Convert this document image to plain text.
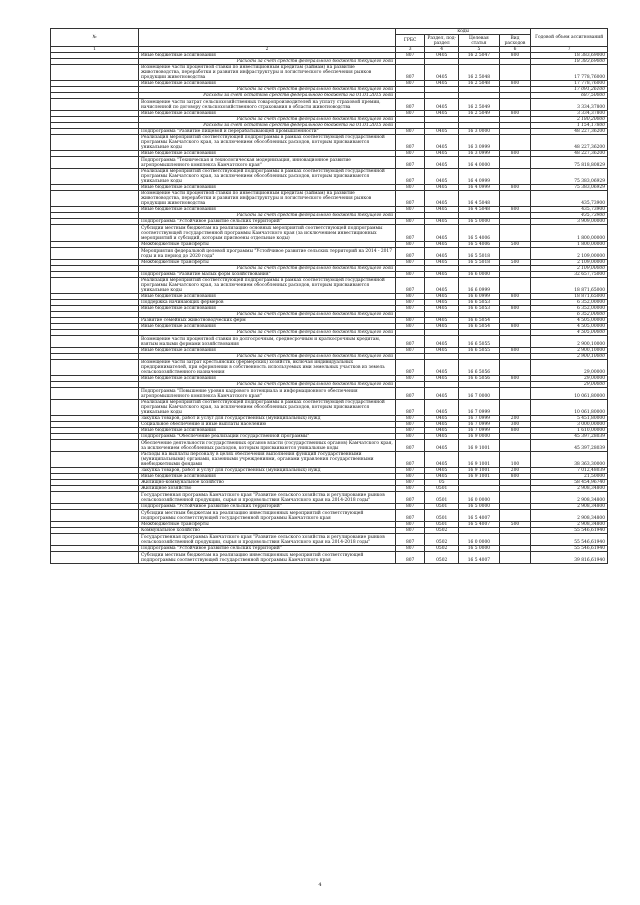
№		коды				Годовой объем ассигнований
		ГРБС	Раздел, под-раздел	Целевая статья	Вид расходов	
1	2	3	4	5	6	7
	Иные бюджетные ассигнования	807	0405	16 2 5047	800	18 383,69000
	Расходы за счет средств федерального бюджета текущего года					18 383,69000
	Возмещение части процентной ставки по инвестиционным кредитам (займам) на развитие животноводства, переработки и развития инфраструктуры и логистического обеспечения рынков продукции животноводства	807	0405	16 2 5048		17 778,76000
	Иные бюджетные ассигнования	807	0405	16 2 5048	800	17 778,76000
	Расходы за счет средств федерального бюджета текущего года					17 091,26100
	Расходы за счет остатков средств федерального бюджета на 01.01.2015 года					687,50000
	Возмещение части затрат сельскохозяйственных товаропроизводителей на уплату страховой премии, начисленной по договору сельскохозяйственного страхования в области животноводства	807	0405	16 2 5049		3 334,37800
	Иные бюджетные ассигнования	807	0405	16 2 5049	800	3 334,37800
	Расходы за счет средств федерального бюджета текущего года					2 180,20000
	Расходы за счет остатков средств федерального бюджета на 01.01.2015 года					1 154,17800
	Подпрограмма "Развитие пищевой и перерабатывающей промышленности"	807	0405	16 3 0000		48 227,36200
	Реализация мероприятий соответствующей подпрограммы в рамках соответствующей государственной программы Камчатского края, за исключением обособленных расходов, которым присваиваются уникальные коды	807	0405	16 3 0999		48 227,36200
	Иные бюджетные ассигнования	807	0405	16 3 0999	800	48 227,36200
	Подпрограмма "Техническая и технологическая модернизация, инновационное развитие агропромышленного комплекса Камчатского края"	807	0405	16 4 0000		75 818,80829
	Реализация мероприятий соответствующей подпрограммы в рамках соответствующей государственной программы Камчатского края, за исключением обособленных расходов, которым присваиваются уникальные коды	807	0405	16 4 0999		75 383,06929
	Иные бюджетные ассигнования	807	0405	16 4 0999	800	75 383,06929
	Возмещение части процентной ставки по инвестиционным кредитам (займам) на развитие животноводства, переработки и развития инфраструктуры и логистического обеспечения рынков продукции животноводства	807	0405	16 4 5048		435,73900
	Иные бюджетные ассигнования	807	0405	16 4 5048	800	435,73900
	Расходы за счет средств федерального бюджета текущего года					435,73900
	Подпрограмма "Устойчивое развитие сельских территорий"	807	0405	16 5 0000		3 909,00000
	Субсидии местным бюджетам на реализацию основных мероприятий соответствующей подпрограммы соответствующей государственной программы Камчатского края (за исключением инвестиционных мероприятий и субсидий, которым присвоены отдельные коды)	807	0405	16 5 4006		1 800,00000
	Межбюджетные трансферты	807	0405	16 5 4006	500	1 800,00000
	Мероприятия федеральной целевой программы "Устойчивое развитие сельских территорий на 2014 - 2017 годы и на период до 2020 года"	807	0405	16 5 5018		2 109,00000
	Межбюджетные трансферты	807	0405	16 5 5018	500	2 109,00000
	Расходы за счет средств федерального бюджета текущего года					2 109,00000
	Подпрограмма "Развитие малых форм хозяйствования"	807	0405	16 6 0000		32 657,75000
	Реализация мероприятий соответствующей подпрограммы в рамках соответствующей государственной программы Камчатского края, за исключением обособленных расходов, которым присваиваются уникальные коды	807	0405	16 6 0999		18 871,65000
	Иные бюджетные ассигнования	807	0405	16 6 0999	800	18 871,65000
	Поддержка начинающих фермеров	807	0405	16 6 5053		6 352,00000
	Иные бюджетные ассигнования	807	0405	16 6 5053	800	6 352,00000
	Расходы за счет средств федерального бюджета текущего года					6 352,00000
	Развитие семейных животноводческих ферм	807	0405	16 6 5054		4 505,00000
	Иные бюджетные ассигнования	807	0405	16 6 5054	800	4 505,00000
	Расходы за счет средств федерального бюджета текущего года					4 505,00000
	Возмещение части процентной ставки по долгосрочным, среднесрочным и краткосрочным кредитам, взятым малыми формами хозяйствования	807	0405	16 6 5055		2 900,10000
	Иные бюджетные ассигнования	807	0405	16 6 5055	800	2 900,10000
	Расходы за счет средств федерального бюджета текущего года					2 900,10000
	Возмещение части затрат крестьянских (фермерских) хозяйств, включая индивидуальных предпринимателей, при оформлении в собственность используемых ими земельных участков из земель сельскохозяйственного назначения	807	0405	16 6 5056		29,00000
	Иные бюджетные ассигнования	807	0405	16 6 5056	800	29,00000
	Расходы за счет средств федерального бюджета текущего года					29,00000
	Подпрограмма "Повышение уровня кадрового потенциала и информационного обеспечения агропромышленного комплекса Камчатского края"	807	0405	16 7 0000		10 061,80000
	Реализация мероприятий соответствующей подпрограммы в рамках соответствующей государственной программы Камчатского края, за исключением обособленных расходов, которым присваиваются уникальные коды	807	0405	16 7 0999		10 061,80000
	Закупка товаров, работ и услуг для государственных (муниципальных) нужд	807	0405	16 7 0999	200	5 451,80000
	Социальное обеспечение и иные выплаты населению	807	0405	16 7 0999	300	3 000,00000
	Иные бюджетные ассигнования	807	0405	16 7 0999	800	1 610,00000
	Подпрограмма "Обеспечение реализации государственной программы"	807	0405	16 9 0000		45 397,28039
	Обеспечение деятельности государственных органов власти (государственных органов) Камчатского края, за исключением обособленных расходов, которым присваиваются уникальные коды	807	0405	16 9 1001		45 397,28039
	Расходы на выплаты персоналу в целях обеспечения выполнения функций государственными (муниципальными) органами, казенными учреждениями, органами управления государственными внебюджетными фондами	807	0405	16 9 1001	100	38 363,30000
	Закупка товаров, работ и услуг для государственных (муниципальных) нужд	807	0405	16 9 1001	200	7 012,48039
	Иные бюджетные ассигнования	807	0405	16 9 1001	800	21,50000
	Жилищно-коммунальное хозяйство	807	05			58 454,96740
	Жилищное хозяйство	807	0501			2 908,34800
	Государственная программа Камчатского края "Развитие сельского хозяйства и регулирование рынков сельскохозяйственной продукции, сырья и продовольствия Камчатского края на 2014-2018 годы"	807	0501	16 0 0000		2 908,34800
	Подпрограмма "Устойчивое развитие сельских территорий"	807	0501	16 5 0000		2 908,34800
	Субсидии местным бюджетам на реализацию инвестиционных мероприятий соответствующей подпрограммы соответствующей государственной программы Камчатского края	807	0501	16 5 4007		2 908,34800
	Межбюджетные трансферты	807	0501	16 5 4007	500	2 908,34800
	Коммунальное хозяйство	807	0502			55 546,61940
	Государственная программа Камчатского края "Развитие сельского хозяйства и регулирование рынков сельскохозяйственной продукции, сырья и продовольствия Камчатского края на 2014-2018 годы"	807	0502	16 0 0000		55 546,61940
	Подпрограмма "Устойчивое развитие сельских территорий"	807	0502	16 5 0000		55 546,61940
	Субсидии местным бюджетам на реализацию инвестиционных мероприятий соответствующей подпрограммы соответствующей государственной программы Камчатского края	807	0502	16 5 4007		39 816,61940
4
